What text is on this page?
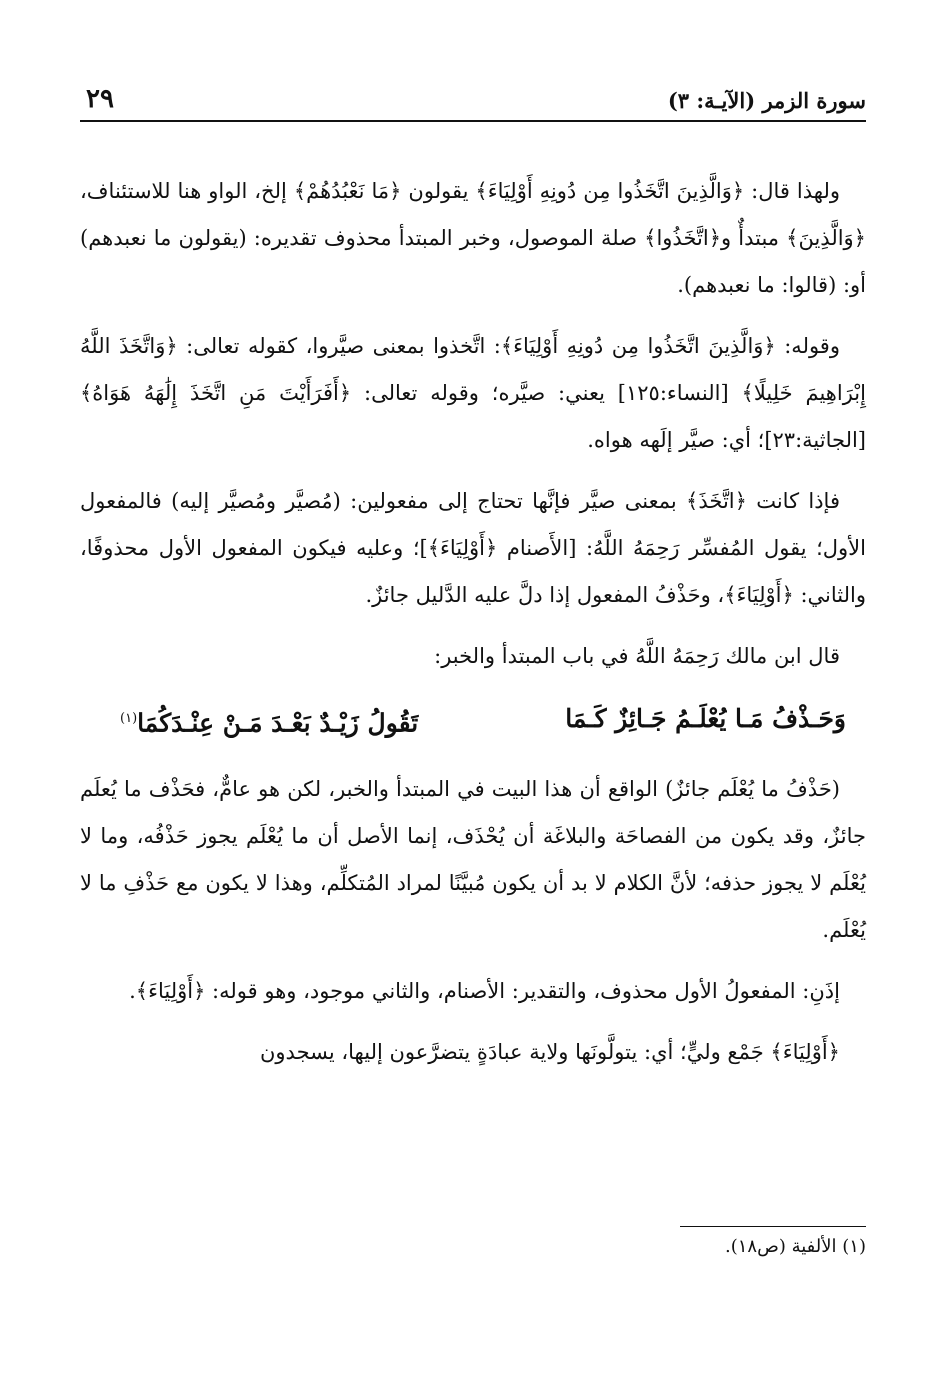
سورة الزمر (الآيـة: ٣)
٢٩

ولهذا قال: ﴿وَالَّذِينَ اتَّخَذُوا مِن دُونِهِ أَوْلِيَاءَ﴾ يقولون ﴿مَا نَعْبُدُهُمْ﴾ إلخ، الواو هنا للاستئناف، ﴿وَالَّذِينَ﴾ مبتدأٌ و﴿اتَّخَذُوا﴾ صلة الموصول، وخبر المبتدأ محذوف تقديره: (يقولون ما نعبدهم) أو: (قالوا: ما نعبدهم).

وقوله: ﴿وَالَّذِينَ اتَّخَذُوا مِن دُونِهِ أَوْلِيَاءَ﴾: اتَّخذوا بمعنى صيَّروا، كقوله تعالى: ﴿وَاتَّخَذَ اللَّهُ إِبْرَاهِيمَ خَلِيلًا﴾ [النساء:١٢٥] يعني: صيَّره؛ وقوله تعالى: ﴿أَفَرَأَيْتَ مَنِ اتَّخَذَ إِلَٰهَهُ هَوَاهُ﴾ [الجاثية:٢٣]؛ أي: صيَّر إلَهه هواه.

فإذا كانت ﴿اتَّخَذَ﴾ بمعنى صيَّر فإنَّها تحتاج إلى مفعولين: (مُصيَّر ومُصيَّر إليه) فالمفعول الأول؛ يقول المُفسِّر رَحِمَهُ اللَّهُ: [الأَصنام ﴿أَوْلِيَاءَ﴾]؛ وعليه فيكون المفعول الأول محذوفًا، والثاني: ﴿أَوْلِيَاءَ﴾، وحَذْفُ المفعول إذا دلَّ عليه الدَّليل جائزٌ.

قال ابن مالك رَحِمَهُ اللَّهُ في باب المبتدأ والخبر:

وَحَـذْفُ مَـا يُعْلَـمُ جَـائِزٌ كَـمَا
تَقُولُ زَيْـدٌ بَعْـدَ مَـنْ عِنْـدَكُمَا$^{(١)}$

(حَذْفُ ما يُعْلَم جائزٌ) الواقع أن هذا البيت في المبتدأ والخبر، لكن هو عامٌّ، فحَذْف ما يُعلَم جائزٌ، وقد يكون من الفصاحَة والبلاغَة أن يُحْذَف، إنما الأصل أن ما يُعْلَم يجوز حَذْفُه، وما لا يُعْلَم لا يجوز حذفه؛ لأنَّ الكلام لا بد أن يكون مُبيَّنًا لمراد المُتكلِّم، وهذا لا يكون مع حَذْفِ ما لا يُعْلَم.

إذَنِ: المفعولُ الأول محذوف، والتقدير: الأصنام، والثاني موجود، وهو قوله: ﴿أَوْلِيَاءَ﴾.

﴿أَوْلِيَاءَ﴾ جَمْع وليٍّ؛ أي: يتولَّونَها ولاية عبادَةٍ يتضرَّعون إليها، يسجدون

(١) الألفية (ص١٨).
